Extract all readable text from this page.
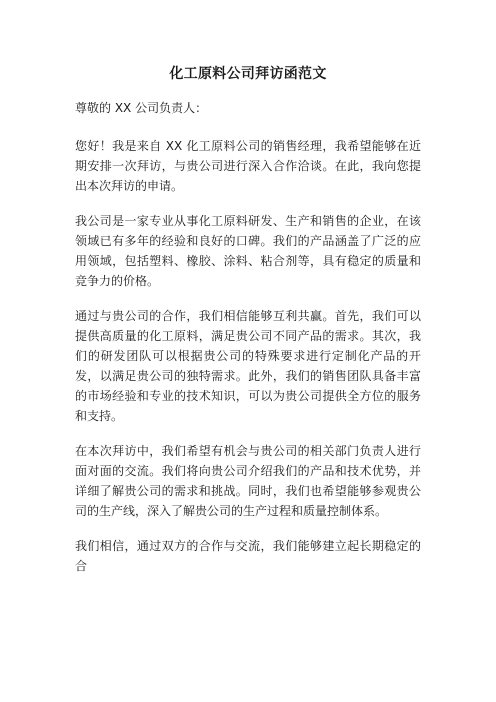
化工原料公司拜访函范文
尊敬的 XX 公司负责人：
您好！我是来自 XX 化工原料公司的销售经理，我希望能够在近期安排一次拜访，与贵公司进行深入合作洽谈。在此，我向您提出本次拜访的申请。
我公司是一家专业从事化工原料研发、生产和销售的企业，在该领域已有多年的经验和良好的口碑。我们的产品涵盖了广泛的应用领域，包括塑料、橡胶、涂料、粘合剂等，具有稳定的质量和竞争力的价格。
通过与贵公司的合作，我们相信能够互利共赢。首先，我们可以提供高质量的化工原料，满足贵公司不同产品的需求。其次，我们的研发团队可以根据贵公司的特殊要求进行定制化产品的开发，以满足贵公司的独特需求。此外，我们的销售团队具备丰富的市场经验和专业的技术知识，可以为贵公司提供全方位的服务和支持。
在本次拜访中，我们希望有机会与贵公司的相关部门负责人进行面对面的交流。我们将向贵公司介绍我们的产品和技术优势，并详细了解贵公司的需求和挑战。同时，我们也希望能够参观贵公司的生产线，深入了解贵公司的生产过程和质量控制体系。
我们相信，通过双方的合作与交流，我们能够建立起长期稳定的合
